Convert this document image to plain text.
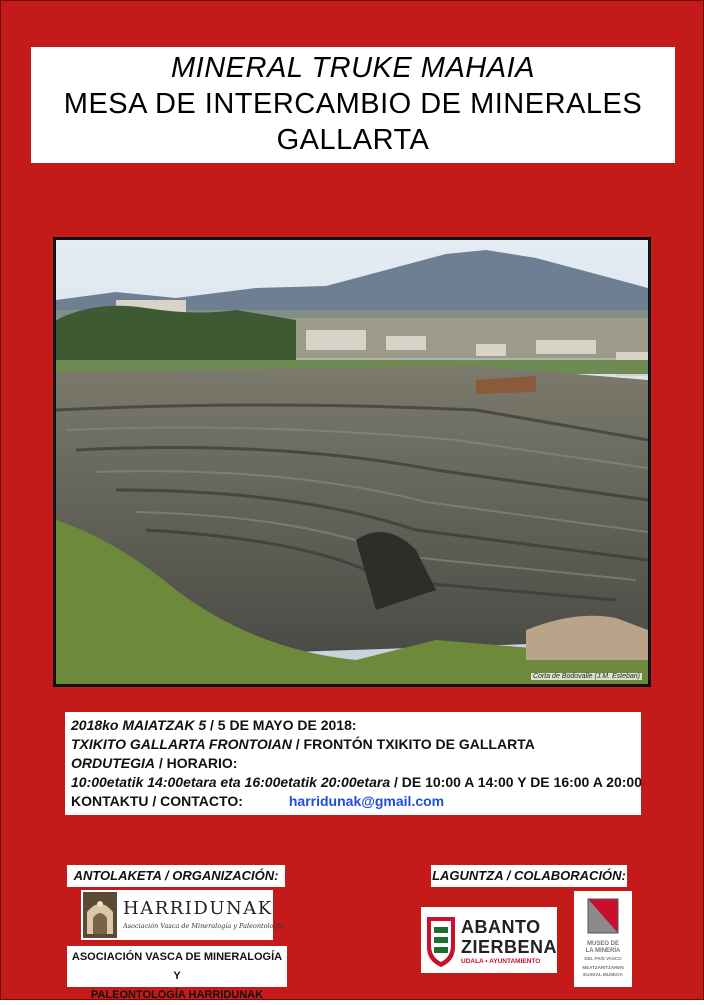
MINERAL TRUKE MAHAIA
MESA DE INTERCAMBIO DE MINERALES
GALLARTA
Corta de Bodovalle (J.M. Esteban)
2018ko MAIATZAK 5 / 5 DE MAYO DE 2018:
TXIKITO GALLARTA FRONTOIAN / FRONTÓN TXIKITO DE GALLARTA
ORDUTEGIA / HORARIO:
10:00etatik 14:00etara eta 16:00etatik 20:00etara / DE 10:00 A 14:00 Y DE 16:00 A 20:00
KONTAKTU / CONTACTO:	harridunak@gmail.com
ANTOLAKETA / ORGANIZACIÓN:
HARRIDUNAK
Asociación Vasca de Mineralogía y Paleontología
ASOCIACIÓN VASCA DE MINERALOGÍA Y
PALEONTOLOGÍA HARRIDUNAK
LAGUNTZA / COLABORACIÓN:
ABANTO
ZIERBENA
UDALA • AYUNTAMIENTO
MUSEO DE
LA MINERÍA
DEL PAÍS VASCO
MEATZARITZAREN
EUSKAL MUSEOA
